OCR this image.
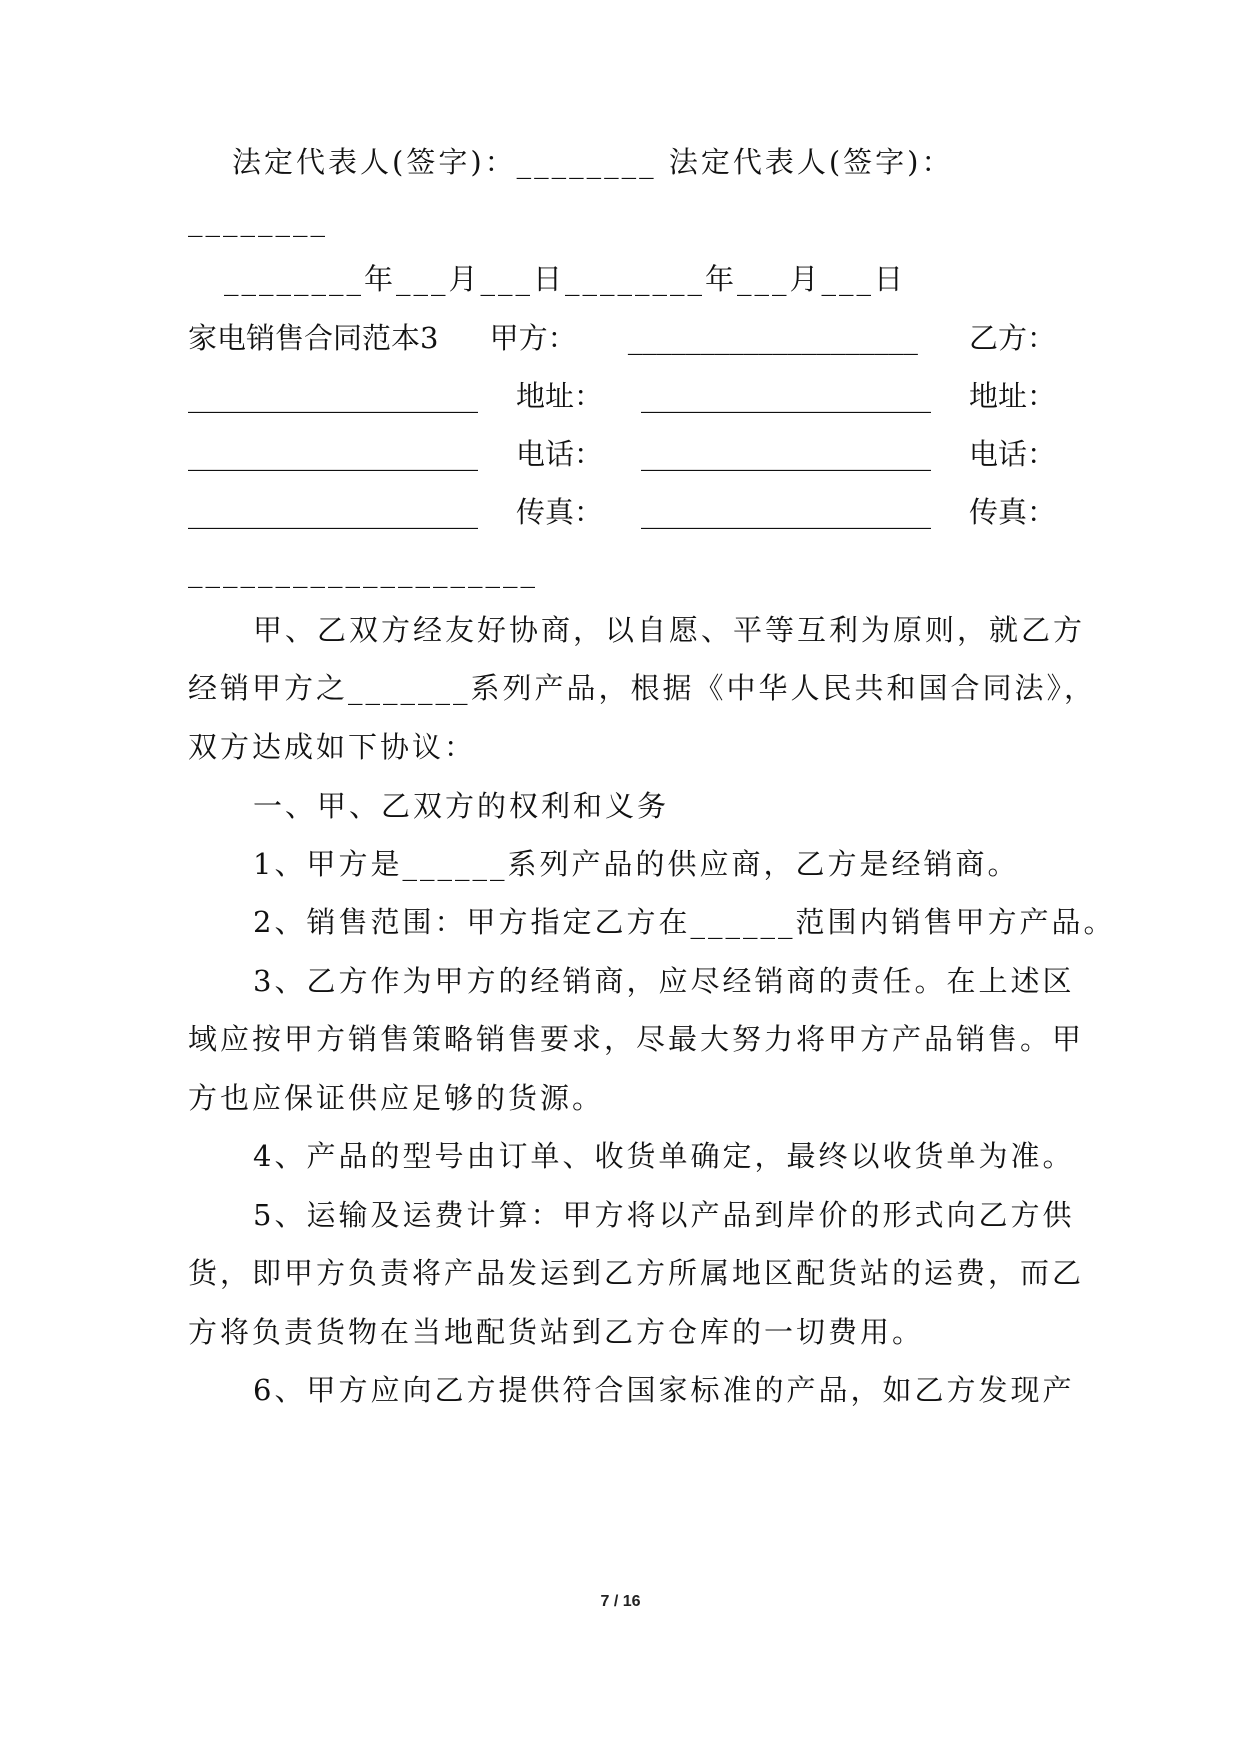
法定代表人(签字)：________ 法定代表人(签字)：
________
________年___月___日________年___月___日
家电销售合同范本3 甲方： ____________________ 乙方：
____________________ 地址： ____________________ 地址：
____________________ 电话： ____________________ 电话：
____________________ 传真： ____________________ 传真：
____________________
甲、乙双方经友好协商，以自愿、平等互利为原则，就乙方
经销甲方之_______系列产品，根据《中华人民共和国合同法》，
双方达成如下协议：
一、甲、乙双方的权利和义务
1、甲方是______系列产品的供应商，乙方是经销商。
2、销售范围：甲方指定乙方在______范围内销售甲方产品。
3、乙方作为甲方的经销商，应尽经销商的责任。在上述区
域应按甲方销售策略销售要求，尽最大努力将甲方产品销售。甲
方也应保证供应足够的货源。
4、产品的型号由订单、收货单确定，最终以收货单为准。
5、运输及运费计算：甲方将以产品到岸价的形式向乙方供
货，即甲方负责将产品发运到乙方所属地区配货站的运费，而乙
方将负责货物在当地配货站到乙方仓库的一切费用。
6、甲方应向乙方提供符合国家标准的产品，如乙方发现产
7 / 16
